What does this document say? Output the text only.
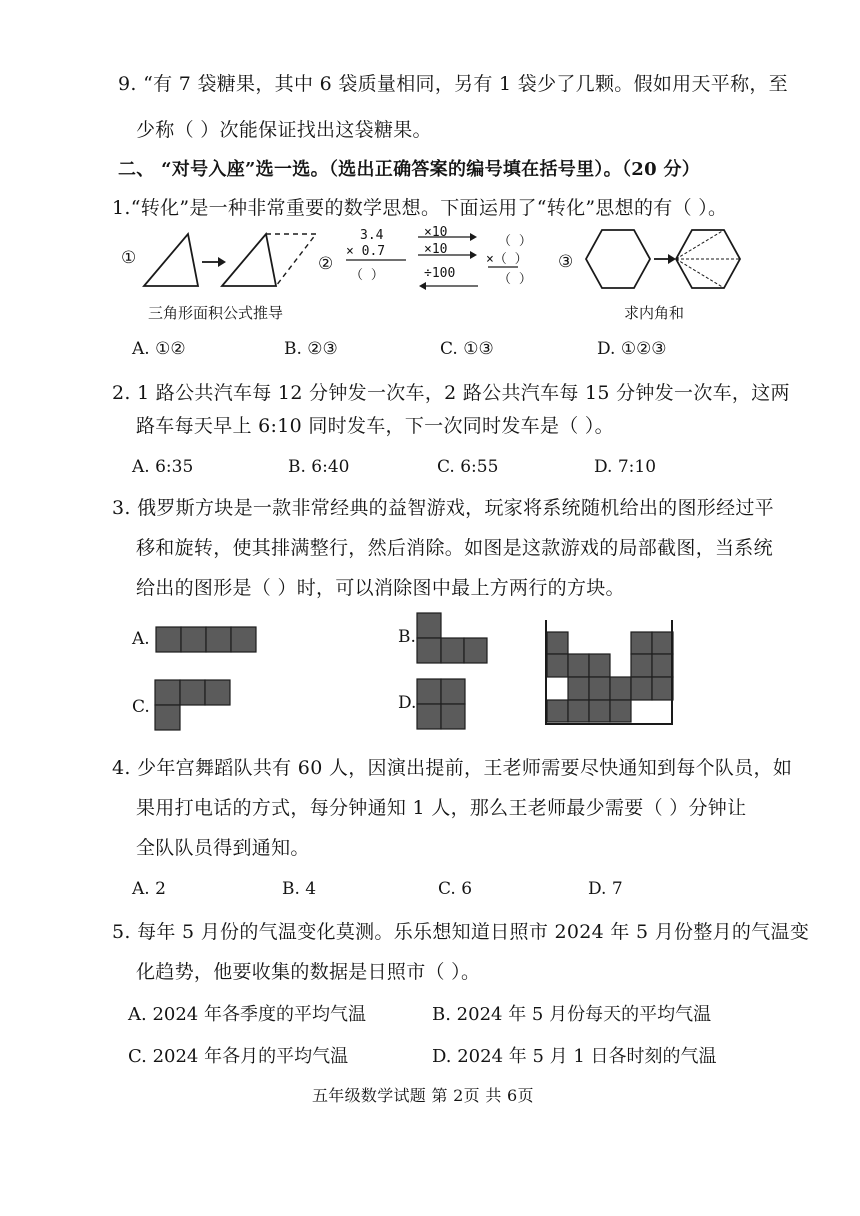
9. “有 7 袋糖果，其中 6 袋质量相同，另有 1 袋少了几颗。假如用天平称，至
少称（ ）次能保证找出这袋糖果。
二、 “对号入座”选一选。（选出正确答案的编号填在括号里）。（20 分）
1.“转化”是一种非常重要的数学思想。下面运用了“转化”思想的有（ ）。
①
三角形面积公式推导
②
3.4
× 0.7
（ ）
×10
×10
÷100
（ ）
×（ ）
（ ）
③
求内角和
A. ①②	B. ②③	C. ①③	D. ①②③
2. 1 路公共汽车每 12 分钟发一次车，2 路公共汽车每 15 分钟发一次车，这两
路车每天早上 6:10 同时发车，下一次同时发车是（ ）。
A. 6:35	B. 6:40	C. 6:55	D. 7:10
3. 俄罗斯方块是一款非常经典的益智游戏，玩家将系统随机给出的图形经过平
移和旋转，使其排满整行，然后消除。如图是这款游戏的局部截图，当系统
给出的图形是（ ）时，可以消除图中最上方两行的方块。
A.	B.
C.	D.
4. 少年宫舞蹈队共有 60 人，因演出提前，王老师需要尽快通知到每个队员，如
果用打电话的方式，每分钟通知 1 人，那么王老师最少需要（ ）分钟让
全队队员得到通知。
A. 2	B. 4	C. 6	D. 7
5. 每年 5 月份的气温变化莫测。乐乐想知道日照市 2024 年 5 月份整月的气温变
化趋势，他要收集的数据是日照市（ ）。
A. 2024 年各季度的平均气温	B. 2024 年 5 月份每天的平均气温
C. 2024 年各月的平均气温	D. 2024 年 5 月 1 日各时刻的气温
五年级数学试题 第 2页 共 6页
